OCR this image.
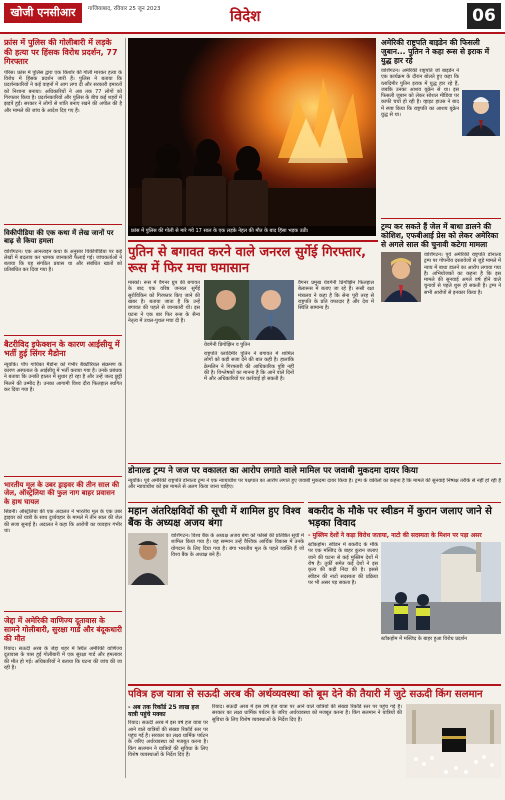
खोजी एनसीआर	गाजियाबाद, रविवार 25 जून 2023	विदेश	06
फ्रांस में पुलिस की गोलीबारी में लड़के की हत्या पर हिंसक विरोध प्रदर्शन, 77 गिरफ्तार
पेरिस। फ्रांस में पुलिस द्वारा एक किशोर की गोली मारकर हत्या के विरोध में हिंसक प्रदर्शन जारी हैं। पुलिस ने बताया कि प्रदर्शनकारियों ने कई वाहनों में आग लगा दी और सरकारी इमारतों को निशाना बनाया। अधिकारियों ने अब तक 77 लोगों को गिरफ्तार किया है। प्रदर्शनकारियों और पुलिस के बीच कई शहरों में झड़पें हुईं। सरकार ने लोगों से शांति बनाए रखने की अपील की है और मामले की जांच के आदेश दिए गए हैं।
विकीपीडिया की एक कथा में लेख जानों पर बाढ़ से किया हमला
वाशिंगटन। एक आनलाइन कथा के अनुसार विकीपीडिया पर कई लेखों में बदलाव कर भ्रामक जानकारी फैलाई गई। जांचकर्ताओं ने बताया कि यह संगठित प्रयास था और संबंधित खातों को प्रतिबंधित कर दिया गया है।
बैटरीविद इफेक्शन के कारण आईसीयू में भर्ती हुई सिंगर मैडोना
न्यूयॉर्क। पॉप गायिका मैडोना को गंभीर बैक्टीरियल संक्रमण के कारण अस्पताल के आईसीयू में भर्ती कराया गया है। उनके प्रबंधक ने बताया कि उनकी हालत में सुधार हो रहा है और उन्हें जल्द छुट्टी मिलने की उम्मीद है। उनका आगामी विश्व दौरा फिलहाल स्थगित कर दिया गया है।
भारतीय मूल के उबर ड्राइवर की तीन साल की जेल, ऑस्ट्रेलिया की फुल नाग बाहर प्रवासन के हाथ घायल
सिडनी। ऑस्ट्रेलिया की एक अदालत ने भारतीय मूल के एक उबर ड्राइवर को यात्री के साथ दुर्व्यवहार के मामले में तीन साल की जेल की सजा सुनाई है। अदालत ने कहा कि आरोपी का व्यवहार गंभीर था।
जेद्दा में अमेरिकी वाणिज्य दूतावास के सामने गोलीबारी, सुरक्षा गार्ड और बंदूकधारी की मौत
रियाद। सऊदी अरब के जेद्दा शहर में स्थित अमेरिकी वाणिज्य दूतावास के पास हुई गोलीबारी में एक सुरक्षा गार्ड और हमलावर की मौत हो गई। अधिकारियों ने बताया कि घटना की जांच की जा रही है।
फ्रांस में पुलिस की गोली से मारे गये 17 साल के एक लड़के नेहल की मौत के बाद हिंसा भड़क उठी।
अमेरिकी राष्ट्रपति बाइडेन की फिसली जुबान... पुतिन ने कहा रूस से इराक में युद्ध हार रहे
वाशिंगटन। अमेरिकी राष्ट्रपति जो बाइडेन ने एक कार्यक्रम के दौरान बोलते हुए कहा कि व्लादिमीर पुतिन इराक में युद्ध हार रहे हैं, जबकि उनका आशय यूक्रेन से था। इस फिसली जुबान को लेकर सोशल मीडिया पर काफी चर्चा हो रही है। व्हाइट हाउस ने बाद में स्पष्ट किया कि राष्ट्रपति का आशय यूक्रेन युद्ध से था।
ट्रम्प कर सकते हैं जेल में बाधा डालने की कोशिश, एफबीआई प्रेस को लेकर अमेरिका से अगले साल की चुनावी कटेगा मामला
वाशिंगटन। पूर्व अमेरिकी राष्ट्रपति डोनाल्ड ट्रम्प पर गोपनीय दस्तावेजों से जुड़े मामले में न्याय में बाधा डालने का आरोप लगाया गया है। अभियोजकों का कहना है कि इस मामले की सुनवाई अगले वर्ष होने वाले चुनावों से पहले शुरू हो सकती है। ट्रम्प ने सभी आरोपों से इनकार किया है।
पुतिन से बगावत करने वाले जनरल सुर्गेई गिरफ्तार, रूस में फिर मचा घमासान
मास्को। रूस में वैगनर ग्रुप की बगावत के बाद एक वरिष्ठ जनरल सुर्गेई सुरोविकिन को गिरफ्तार किए जाने की खबर है। बताया जाता है कि उन्हें बगावत की पहले से जानकारी थी। इस घटना ने एक बार फिर रूस के सैन्य नेतृत्व में उथल-पुथल मचा दी है।
येवगेनी प्रिगोझिन व पुतिन
राष्ट्रपति व्लादिमीर पुतिन ने बगावत में शामिल लोगों को कड़ी सजा देने की बात कही है। हालांकि क्रेमलिन ने गिरफ्तारी की आधिकारिक पुष्टि नहीं की है। विश्लेषकों का मानना है कि आने वाले दिनों में और अधिकारियों पर कार्रवाई हो सकती है।
वैगनर प्रमुख येवगेनी प्रिगोझिन फिलहाल बेलारूस में बताए जा रहे हैं। रूसी रक्षा मंत्रालय ने कहा है कि सेना पूरी तरह से राष्ट्रपति के प्रति वफादार है और देश में स्थिति सामान्य है।
डोनाल्ड ट्रम्प ने जज पर वकालत का आरोप लगाते वाले मामिल पर जवाबी मुकदमा दायर किया
न्यूयॉर्क। पूर्व अमेरिकी राष्ट्रपति डोनाल्ड ट्रम्प ने एक न्यायाधीश पर पक्षपात का आरोप लगाते हुए जवाबी मुकदमा दायर किया है। ट्रम्प के वकीलों का कहना है कि मामले की सुनवाई निष्पक्ष तरीके से नहीं हो रही है और न्यायाधीश को इस मामले से अलग किया जाना चाहिए।
महान अंतरिक्षविदों की सूची में शामिल हुए विश्व बैंक के अध्यक्ष अजय बंगा
वाशिंगटन। विश्व बैंक के अध्यक्ष अजय बंगा को फोर्ब्स की प्रतिष्ठित सूची में शामिल किया गया है। यह सम्मान उन्हें वैश्विक आर्थिक विकास में उनके योगदान के लिए दिया गया है। बंगा भारतीय मूल के पहले व्यक्ति हैं जो विश्व बैंक के अध्यक्ष बने हैं।
बकरीद के मौके पर स्वीडन में कुरान जलाए जाने से भड़का विवाद
- मुस्लिम देशों ने कड़ा विरोध जताया, नाटो की सदस्यता के मिशन पर पड़ा असर
स्टॉकहोम। स्वीडन में बकरीद के मौके पर एक मस्जिद के बाहर कुरान जलाए जाने की घटना से कई मुस्लिम देशों में रोष है। तुर्की समेत कई देशों ने इस कृत्य की कड़ी निंदा की है। इससे स्वीडन की नाटो सदस्यता की प्रक्रिया पर भी असर पड़ सकता है।
स्टॉकहोम में मस्जिद के बाहर हुआ विरोध प्रदर्शन
पवित्र हज यात्रा से सऊदी अरब की अर्थव्यवस्था को बूम देने की तैयारी में जुटे सऊदी किंग सलमान
- अब तक रिकॉर्ड 25 लाख हज यात्री पहुंचे मक्का
रियाद। सऊदी अरब में इस वर्ष हज यात्रा पर आने वाले यात्रियों की संख्या रिकॉर्ड स्तर पर पहुंच गई है। सरकार का लक्ष्य धार्मिक पर्यटन के जरिए अर्थव्यवस्था को मजबूत करना है। किंग सलमान ने यात्रियों की सुविधा के लिए विशेष व्यवस्थाओं के निर्देश दिए हैं।
रियाद। सऊदी अरब में इस वर्ष हज यात्रा पर आने वाले यात्रियों की संख्या रिकॉर्ड स्तर पर पहुंच गई है। सरकार का लक्ष्य धार्मिक पर्यटन के जरिए अर्थव्यवस्था को मजबूत करना है। किंग सलमान ने यात्रियों की सुविधा के लिए विशेष व्यवस्थाओं के निर्देश दिए हैं।
